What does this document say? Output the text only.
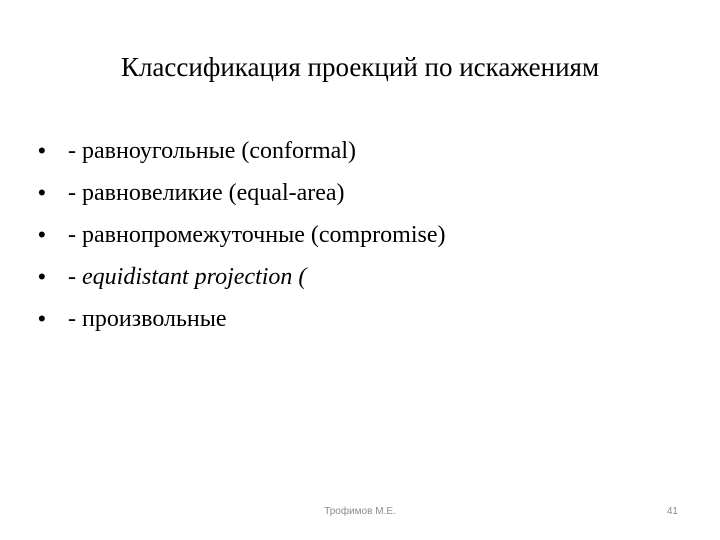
Классификация проекций по искажениям
• - равноугольные (conformal)
• - равновеликие (equal-area)
• - равнопромежуточные (compromise)
• - equidistant projection (
• - произвольные
Трофимов М.Е.	41
